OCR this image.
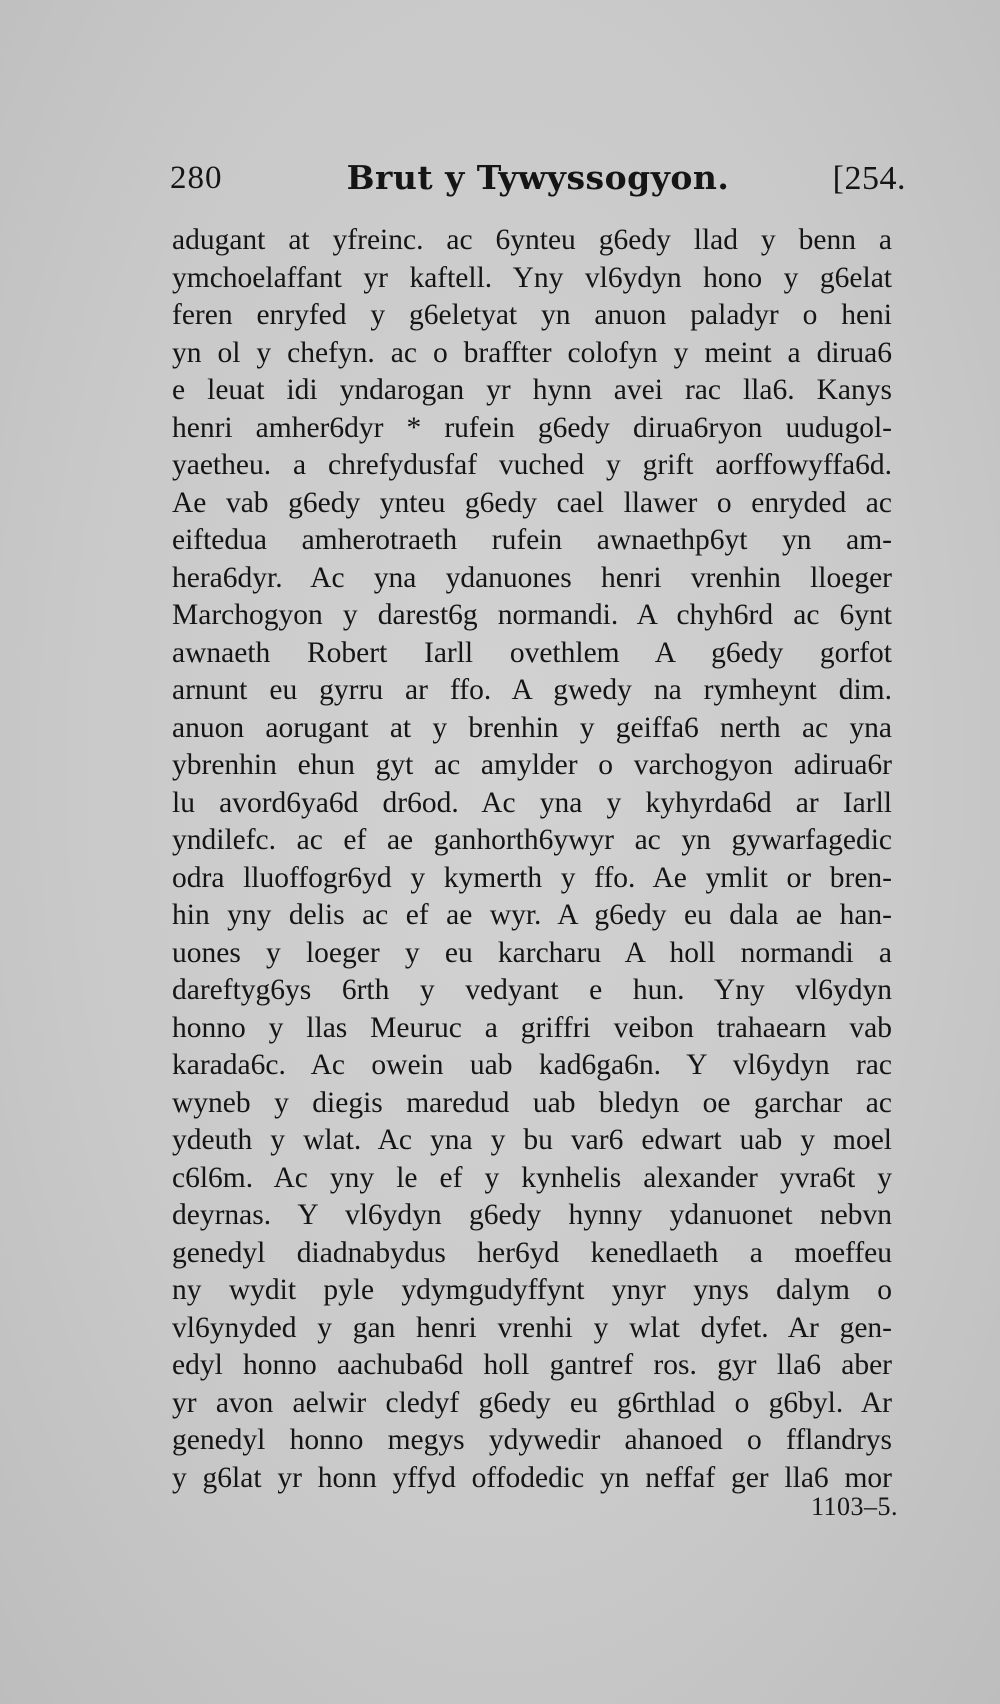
280	Brut y Tywyssogyon.	[254.
adugant at yfreinc. ac 6ynteu g6edy llad y benn a
ymchoelaffant yr kaftell. Yny vl6ydyn hono y g6elat
feren enryfed y g6eletyat yn anuon paladyr o heni
yn ol y chefyn. ac o braffter colofyn y meint a dirua6
e leuat idi yndarogan yr hynn avei rac lla6. Kanys
henri amher6dyr * rufein g6edy dirua6ryon uudugol-
yaetheu. a chrefydusfaf vuched y grift aorffowyffa6d.
Ae vab g6edy ynteu g6edy cael llawer o enryded ac
eiftedua amherotraeth rufein awnaethp6yt yn am-
hera6dyr. Ac yna ydanuones henri vrenhin lloeger
Marchogyon y darest6g normandi. A chyh6rd ac 6ynt
awnaeth Robert Iarll ovethlem A g6edy gorfot
arnunt eu gyrru ar ffo. A gwedy na rymheynt dim.
anuon aorugant at y brenhin y geiffa6 nerth ac yna
ybrenhin ehun gyt ac amylder o varchogyon adirua6r
lu avord6ya6d dr6od. Ac yna y kyhyrda6d ar Iarll
yndilefc. ac ef ae ganhorth6ywyr ac yn gywarfagedic
odra lluoffogr6yd y kymerth y ffo. Ae ymlit or bren-
hin yny delis ac ef ae wyr. A g6edy eu dala ae han-
uones y loeger y eu karcharu A holl normandi a
dareftyg6ys 6rth y vedyant e hun. Yny vl6ydyn
honno y llas Meuruc a griffri veibon trahaearn vab
karada6c. Ac owein uab kad6ga6n. Y vl6ydyn rac
wyneb y diegis maredud uab bledyn oe garchar ac
ydeuth y wlat. Ac yna y bu var6 edwart uab y moel
c6l6m. Ac yny le ef y kynhelis alexander yvra6t y
deyrnas. Y vl6ydyn g6edy hynny ydanuonet nebvn
genedyl diadnabydus her6yd kenedlaeth a moeffeu
ny wydit pyle ydymgudyffynt ynyr ynys dalym o
vl6ynyded y gan henri vrenhi y wlat dyfet. Ar gen-
edyl honno aachuba6d holl gantref ros. gyr lla6 aber
yr avon aelwir cledyf g6edy eu g6rthlad o g6byl. Ar
genedyl honno megys ydywedir ahanoed o fflandrys
y g6lat yr honn yffyd offodedic yn neffaf ger lla6 mor
1103–5.
